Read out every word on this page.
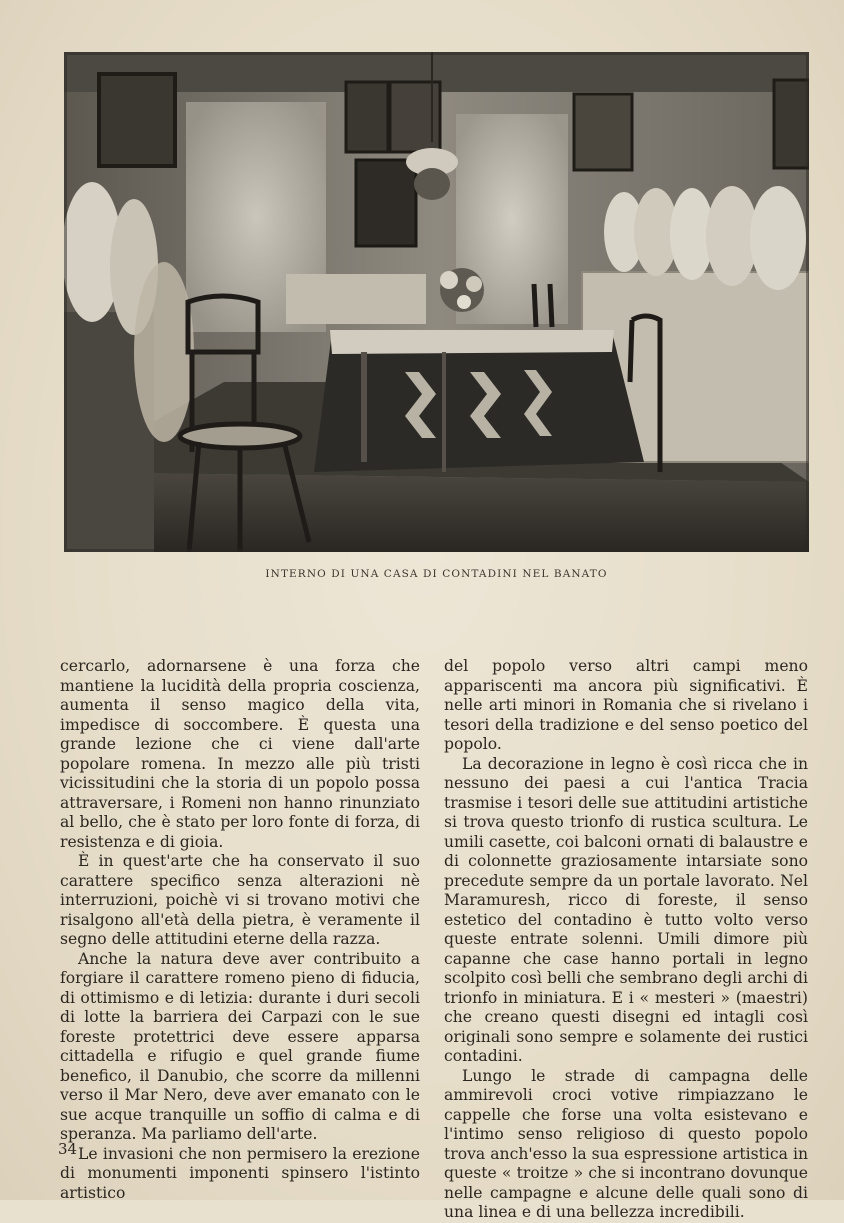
INTERNO DI UNA CASA DI CONTADINI NEL BANATO

cercarlo, adornarsene è una forza che mantiene la lucidità della propria coscienza, aumenta il senso magico della vita, impedisce di soccombere. È questa una grande lezione che ci viene dall'arte popolare romena. In mezzo alle più tristi vicissitudini che la storia di un popolo possa attraversare, i Romeni non hanno rinunziato al bello, che è stato per loro fonte di forza, di resistenza e di gioia.

È in quest'arte che ha conservato il suo carattere specifico senza alterazioni nè interruzioni, poichè vi si trovano motivi che risalgono all'età della pietra, è veramente il segno delle attitudini eterne della razza.

Anche la natura deve aver contribuito a forgiare il carattere romeno pieno di fiducia, di ottimismo e di letizia: durante i duri secoli di lotte la barriera dei Carpazi con le sue foreste protettrici deve essere apparsa cittadella e rifugio e quel grande fiume benefico, il Danubio, che scorre da millenni verso il Mar Nero, deve aver emanato con le sue acque tranquille un soffio di calma e di speranza. Ma parliamo dell'arte.

Le invasioni che non permisero la erezione di monumenti imponenti spinsero l'istinto artistico

del popolo verso altri campi meno appariscenti ma ancora più significativi. È nelle arti minori in Romania che si rivelano i tesori della tradizione e del senso poetico del popolo.

La decorazione in legno è così ricca che in nessuno dei paesi a cui l'antica Tracia trasmise i tesori delle sue attitudini artistiche si trova questo trionfo di rustica scultura. Le umili casette, coi balconi ornati di balaustre e di colonnette graziosamente intarsiate sono precedute sempre da un portale lavorato. Nel Maramuresh, ricco di foreste, il senso estetico del contadino è tutto volto verso queste entrate solenni. Umili dimore più capanne che case hanno portali in legno scolpito così belli che sembrano degli archi di trionfo in miniatura. E i « mesteri » (maestri) che creano questi disegni ed intagli così originali sono sempre e solamente dei rustici contadini.

Lungo le strade di campagna delle ammirevoli croci votive rimpiazzano le cappelle che forse una volta esistevano e l'intimo senso religioso di questo popolo trova anch'esso la sua espressione artistica in queste « troitze » che si incontrano dovunque nelle campagne e alcune delle quali sono di una linea e di una bellezza incredibili.

34
